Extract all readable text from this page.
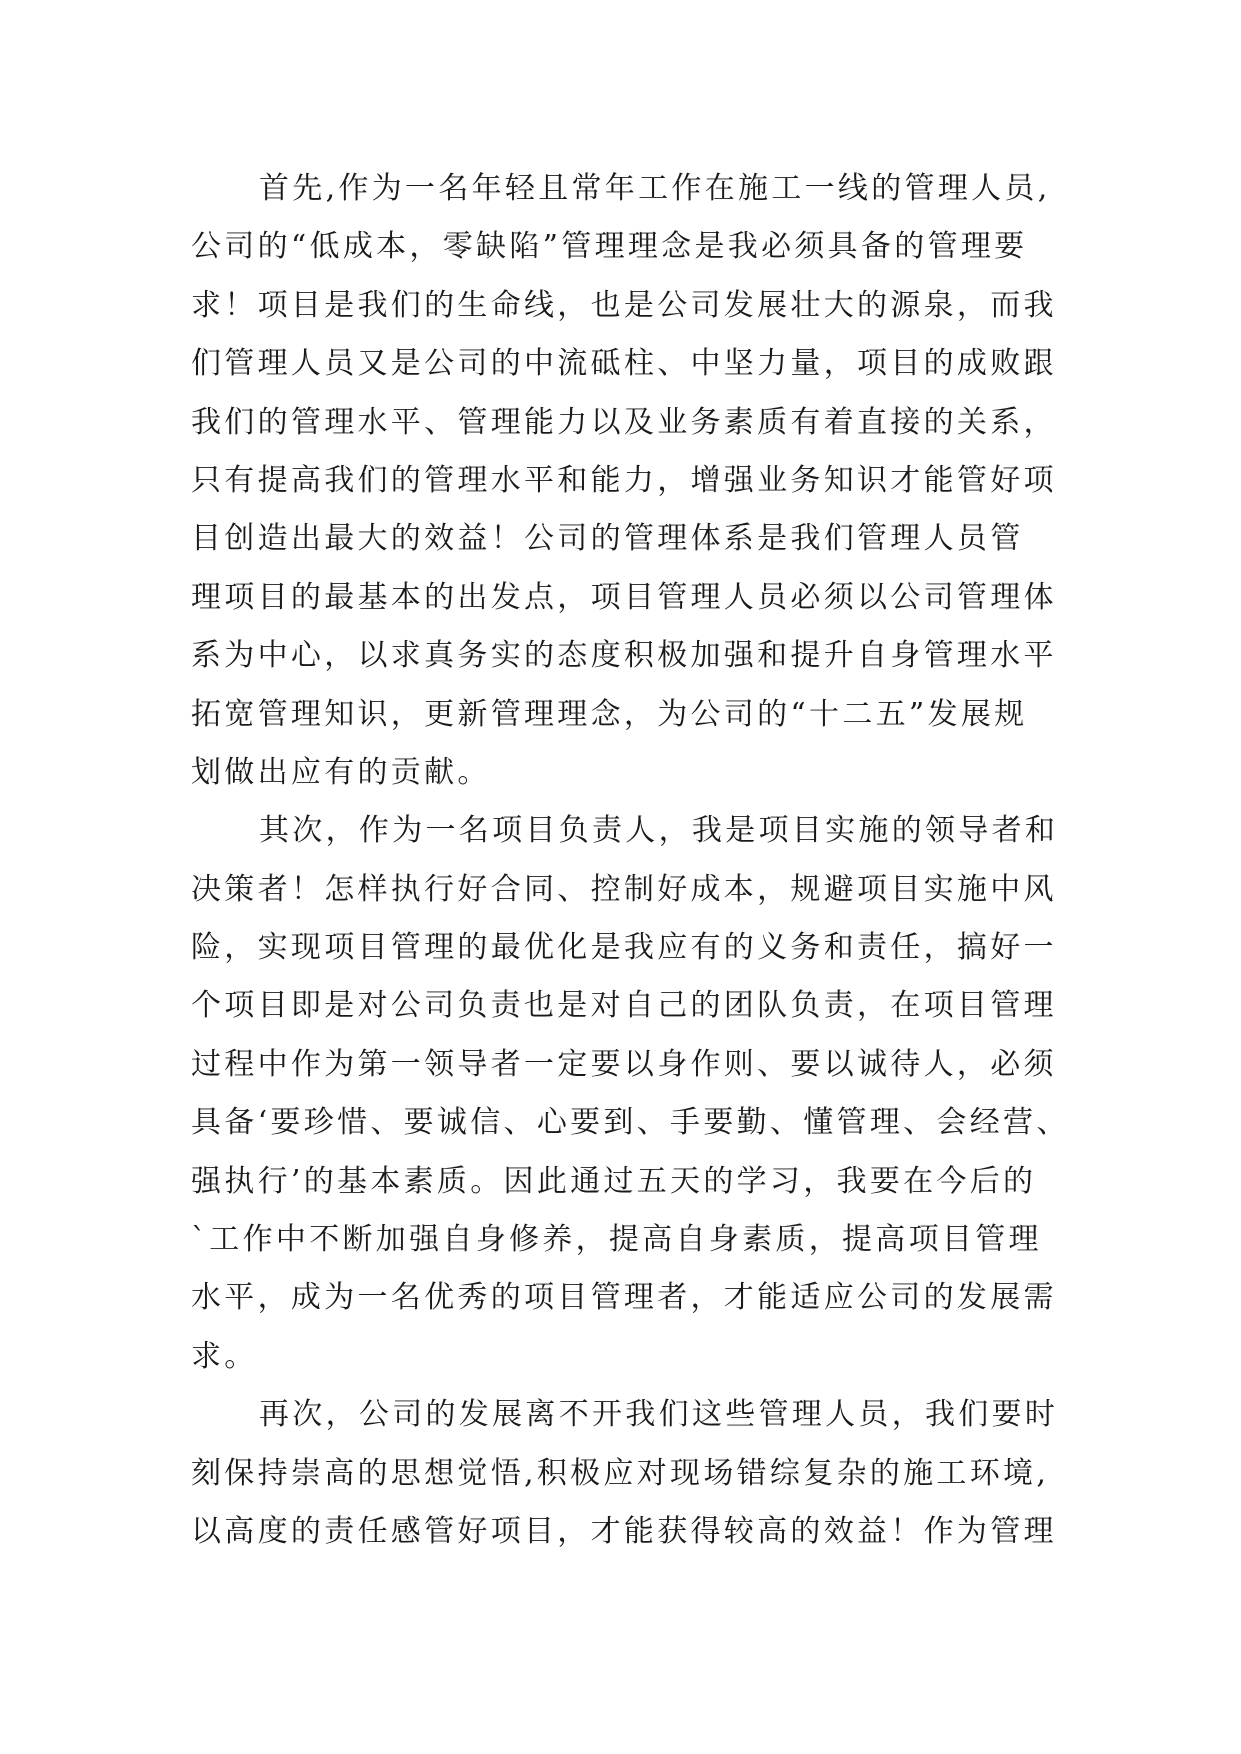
首先,作为一名年轻且常年工作在施工一线的管理人员,
公司的“低成本，零缺陷”管理理念是我必须具备的管理要
求！项目是我们的生命线，也是公司发展壮大的源泉，而我
们管理人员又是公司的中流砥柱、中坚力量，项目的成败跟
我们的管理水平、管理能力以及业务素质有着直接的关系，
只有提高我们的管理水平和能力，增强业务知识才能管好项
目创造出最大的效益！公司的管理体系是我们管理人员管
理项目的最基本的出发点，项目管理人员必须以公司管理体
系为中心，以求真务实的态度积极加强和提升自身管理水平
拓宽管理知识，更新管理理念，为公司的“十二五”发展规
划做出应有的贡献。
其次，作为一名项目负责人，我是项目实施的领导者和
决策者！怎样执行好合同、控制好成本，规避项目实施中风
险，实现项目管理的最优化是我应有的义务和责任，搞好一
个项目即是对公司负责也是对自己的团队负责，在项目管理
过程中作为第一领导者一定要以身作则、要以诚待人，必须
具备‘要珍惜、要诚信、心要到、手要勤、懂管理、会经营、
强执行’的基本素质。因此通过五天的学习，我要在今后的
`工作中不断加强自身修养，提高自身素质，提高项目管理
水平，成为一名优秀的项目管理者，才能适应公司的发展需
求。
再次，公司的发展离不开我们这些管理人员，我们要时
刻保持崇高的思想觉悟,积极应对现场错综复杂的施工环境,
以高度的责任感管好项目，才能获得较高的效益！作为管理
